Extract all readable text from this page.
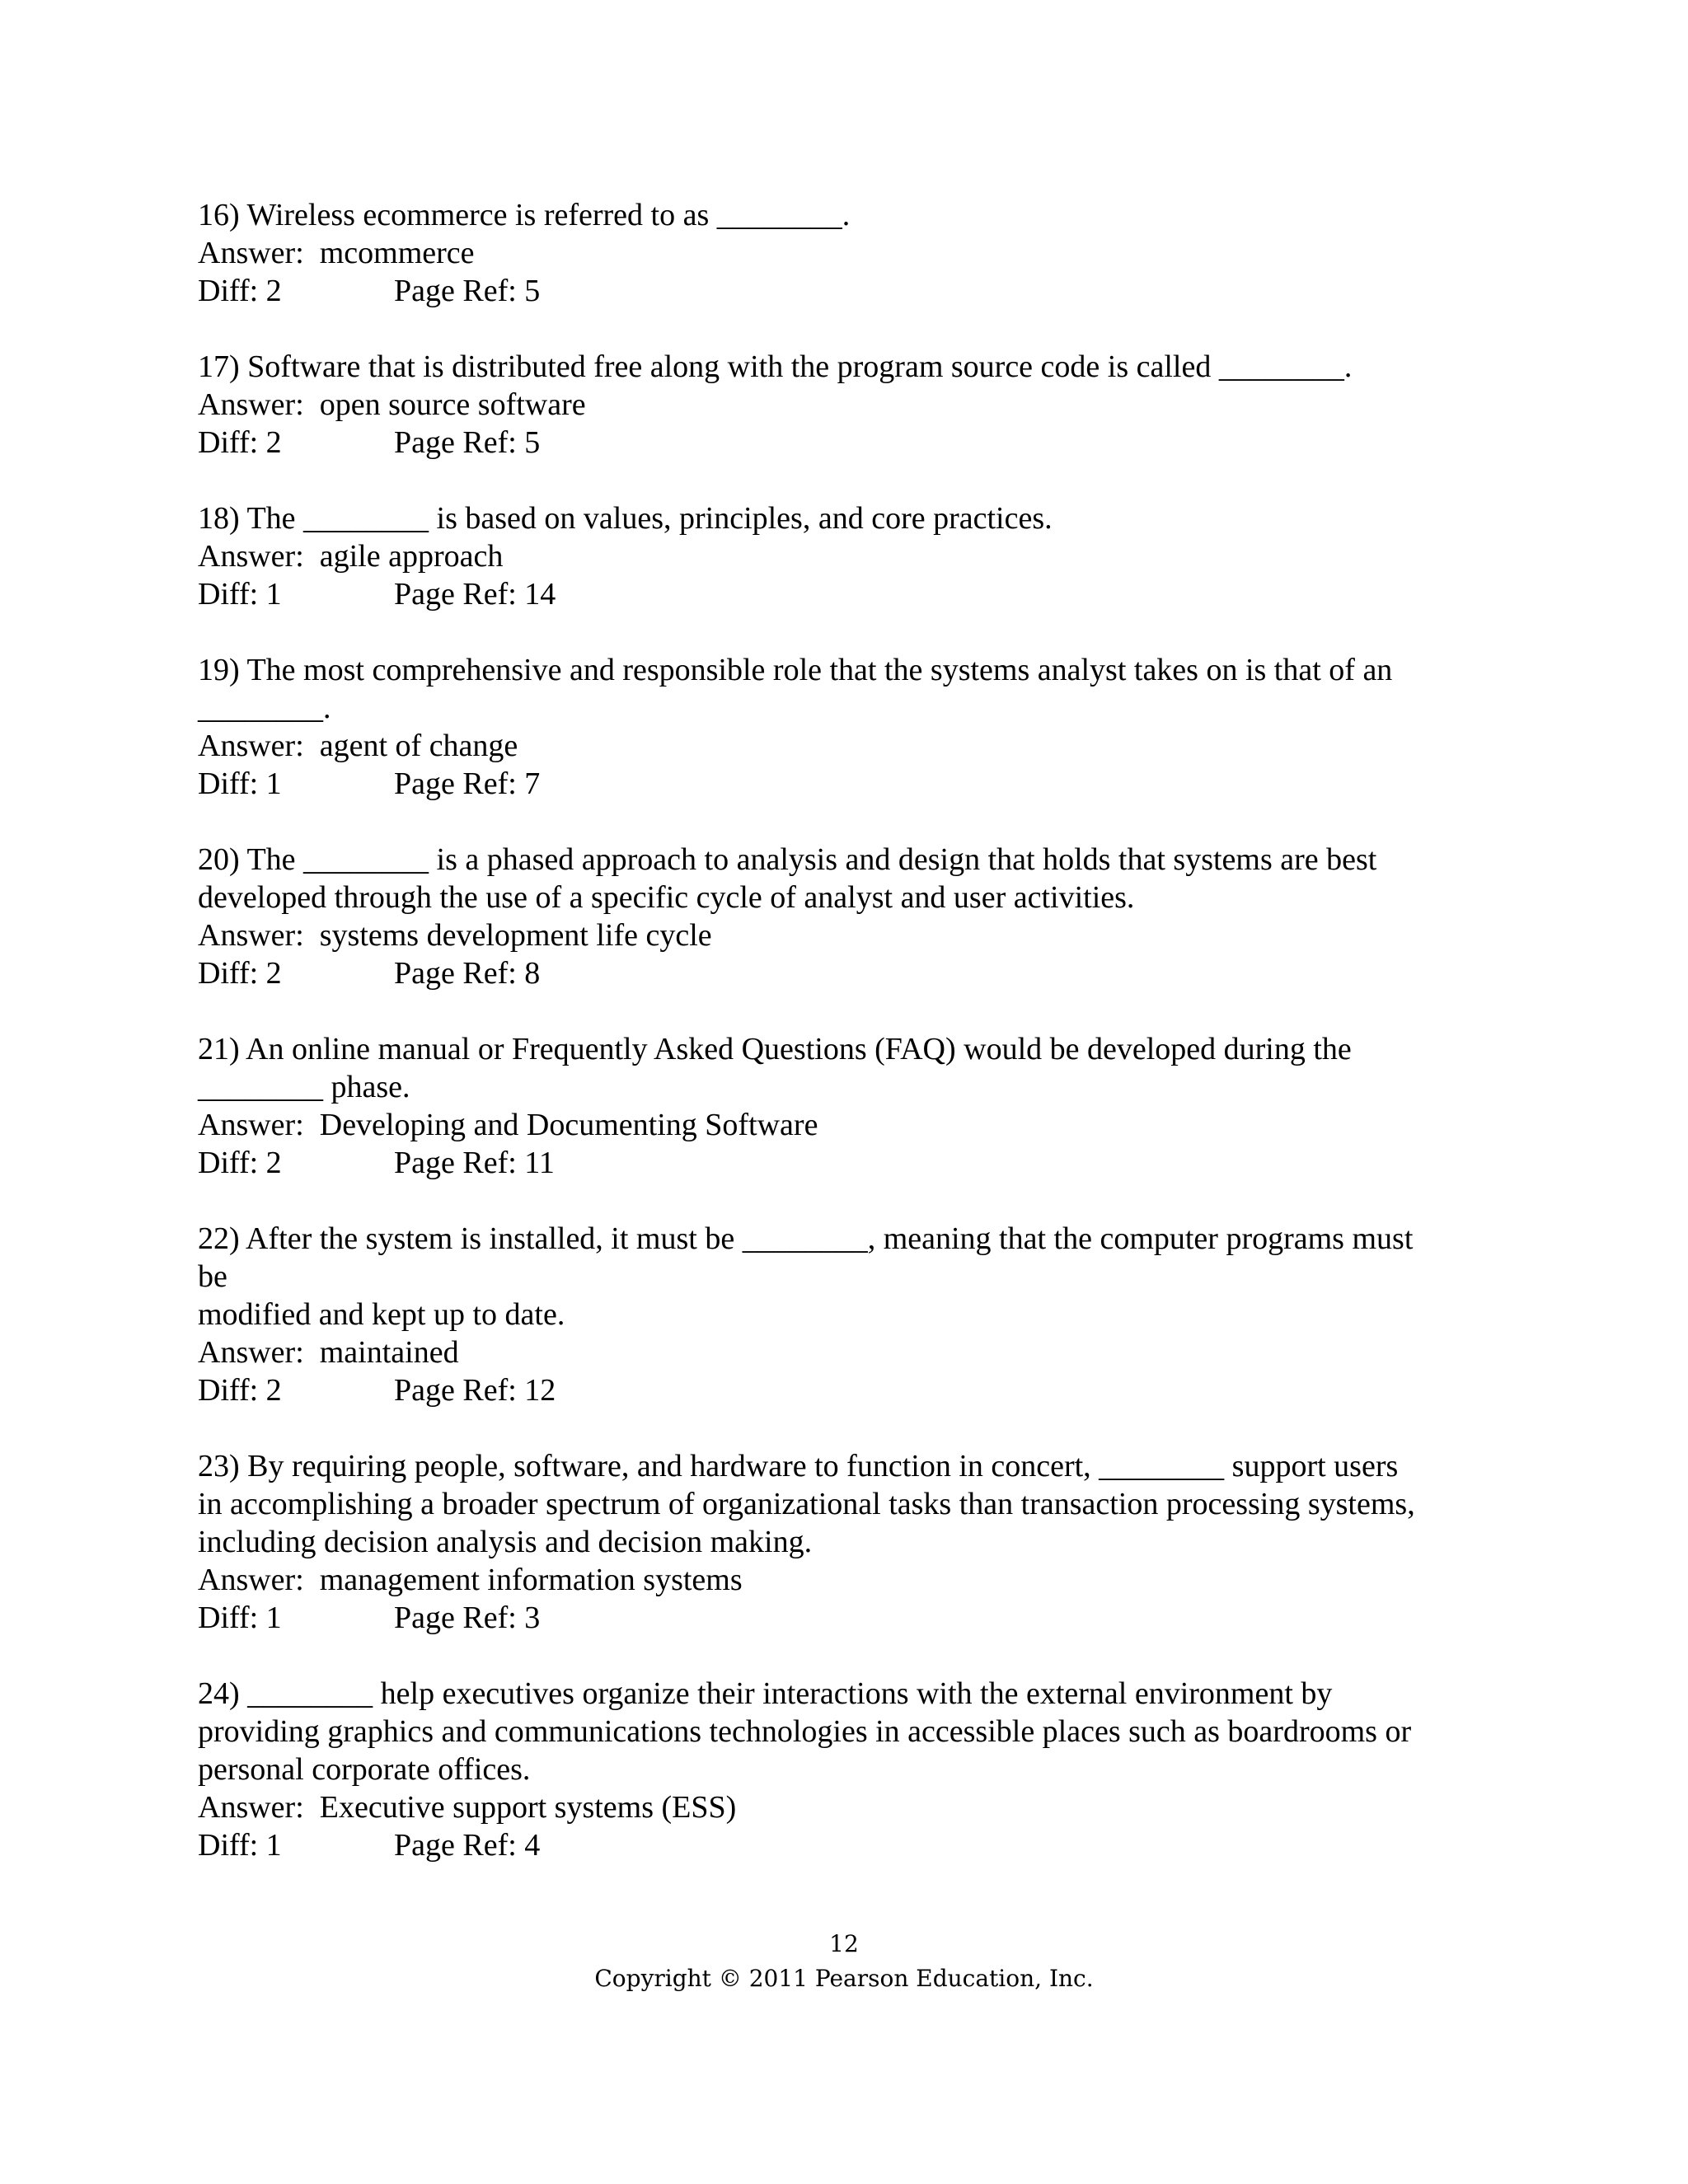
16) Wireless ecommerce is referred to as ________.
Answer:  mcommerce
Diff: 2	Page Ref: 5
17) Software that is distributed free along with the program source code is called ________.
Answer:  open source software
Diff: 2	Page Ref: 5
18) The ________ is based on values, principles, and core practices.
Answer:  agile approach
Diff: 1	Page Ref: 14
19) The most comprehensive and responsible role that the systems analyst takes on is that of an
________.
Answer:  agent of change
Diff: 1	Page Ref: 7
20) The ________ is a phased approach to analysis and design that holds that systems are best
developed through the use of a specific cycle of analyst and user activities.
Answer:  systems development life cycle
Diff: 2	Page Ref: 8
21) An online manual or Frequently Asked Questions (FAQ) would be developed during the
________ phase.
Answer:  Developing and Documenting Software
Diff: 2	Page Ref: 11
22) After the system is installed, it must be ________, meaning that the computer programs must
be
modified and kept up to date.
Answer:  maintained
Diff: 2	Page Ref: 12
23) By requiring people, software, and hardware to function in concert, ________ support users
in accomplishing a broader spectrum of organizational tasks than transaction processing systems,
including decision analysis and decision making.
Answer:  management information systems
Diff: 1	Page Ref: 3
24) ________ help executives organize their interactions with the external environment by
providing graphics and communications technologies in accessible places such as boardrooms or
personal corporate offices.
Answer:  Executive support systems (ESS)
Diff: 1	Page Ref: 4
12
Copyright © 2011 Pearson Education, Inc.
